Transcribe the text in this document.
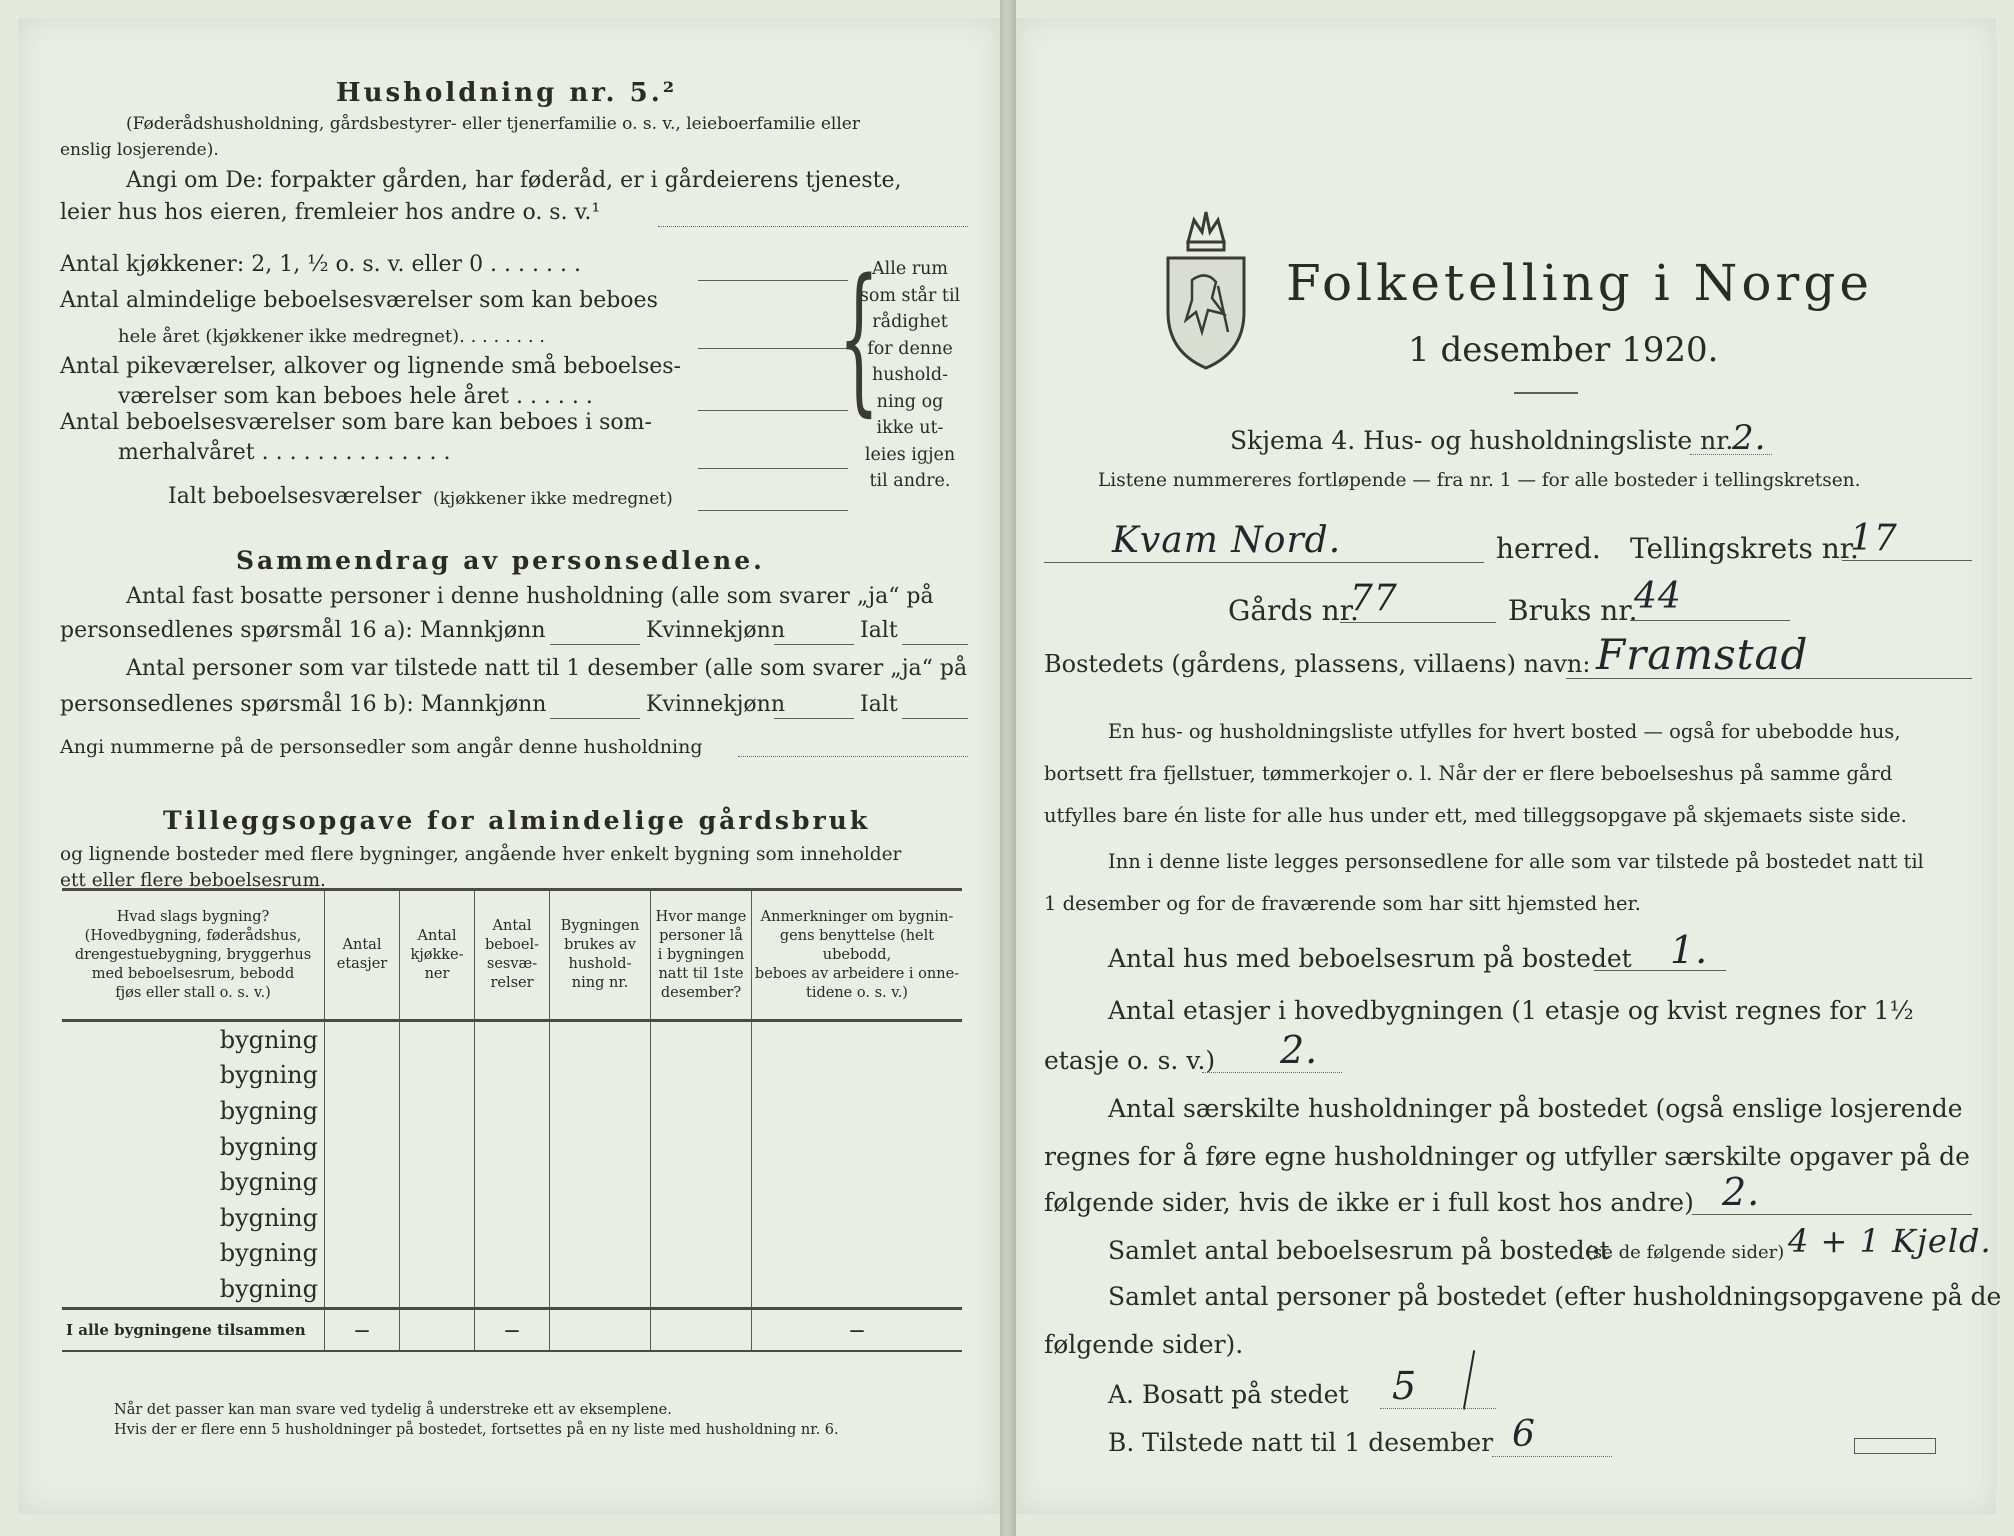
Husholdning nr. 5.²
(Føderådshusholdning, gårdsbestyrer- eller tjenerfamilie o. s. v., leieboerfamilie eller
enslig losjerende).
Angi om De: forpakter gården, har føderåd, er i gårdeierens tjeneste,
leier hus hos eieren, fremleier hos andre o. s. v.¹
Antal kjøkkener: 2, 1, ½ o. s. v. eller 0 . . . . . . .
Antal almindelige beboelsesværelser som kan beboes
hele året (kjøkkener ikke medregnet). . . . . . . .
Antal pikeværelser, alkover og lignende små beboelses-
værelser som kan beboes hele året . . . . . .
Antal beboelsesværelser som bare kan beboes i som-
merhalvåret . . . . . . . . . . . . . .
Ialt beboelsesværelser (kjøkkener ikke medregnet)
{
Alle rum
som står til
rådighet
for denne
hushold-
ning og
ikke ut-
leies igjen
til andre.
Sammendrag av personsedlene.
Antal fast bosatte personer i denne husholdning (alle som svarer „ja“ på
personsedlenes spørsmål 16 a): Mannkjønn	Kvinnekjønn	Ialt
Antal personer som var tilstede natt til 1 desember (alle som svarer „ja“ på
personsedlenes spørsmål 16 b): Mannkjønn	Kvinnekjønn	Ialt
Angi nummerne på de personsedler som angår denne husholdning
Tilleggsopgave for almindelige gårdsbruk
og lignende bosteder med flere bygninger, angående hver enkelt bygning som inneholder
ett eller flere beboelsesrum.
Hvad slags bygning?
(Hovedbygning, føderådshus,
drengestuebygning, bryggerhus
med beboelsesrum, bebodd
fjøs eller stall o. s. v.)	Antal
etasjer	Antal
kjøkke-
ner	Antal
beboel-
sesvæ-
relser	Bygningen
brukes av
hushold-
ning nr.	Hvor mange
personer lå
i bygningen
natt til 1ste
desember?	Anmerkninger om bygnin-
gens benyttelse (helt ubebodd,
beboes av arbeidere i onne-
tidene o. s. v.)
bygning						
bygning						
bygning						
bygning						
bygning						
bygning						
bygning						
bygning						
I alle bygningene tilsammen	—		—			—
Når det passer kan man svare ved tydelig å understreke ett av eksemplene.
Hvis der er flere enn 5 husholdninger på bostedet, fortsettes på en ny liste med husholdning nr. 6.
Folketelling i Norge
1 desember 1920.
Skjema 4. Hus- og husholdningsliste nr.
2.
Listene nummereres fortløpende — fra nr. 1 — for alle bosteder i tellingskretsen.
Kvam Nord.	herred. Tellingskrets nr.
17
Gårds nr.
77	Bruks nr.
44
Bostedets (gårdens, plassens, villaens) navn: Framstad
En hus- og husholdningsliste utfylles for hvert bosted — også for ubebodde hus,
bortsett fra fjellstuer, tømmerkojer o. l. Når der er flere beboelseshus på samme gård
utfylles bare én liste for alle hus under ett, med tilleggsopgave på skjemaets siste side.
Inn i denne liste legges personsedlene for alle som var tilstede på bostedet natt til
1 desember og for de fraværende som har sitt hjemsted her.
Antal hus med beboelsesrum på bostedet 1.
Antal etasjer i hovedbygningen (1 etasje og kvist regnes for 1½
etasje o. s. v.) 2.
Antal særskilte husholdninger på bostedet (også enslige losjerende
regnes for å føre egne husholdninger og utfyller særskilte opgaver på de
følgende sider, hvis de ikke er i full kost hos andre) 2.
Samlet antal beboelsesrum på bostedet
(se de følgende sider) 4 + 1 Kjeld.
Samlet antal personer på bostedet (efter husholdningsopgavene på de
følgende sider).
A. Bosatt på stedet 5
B. Tilstede natt til 1 desember 6
